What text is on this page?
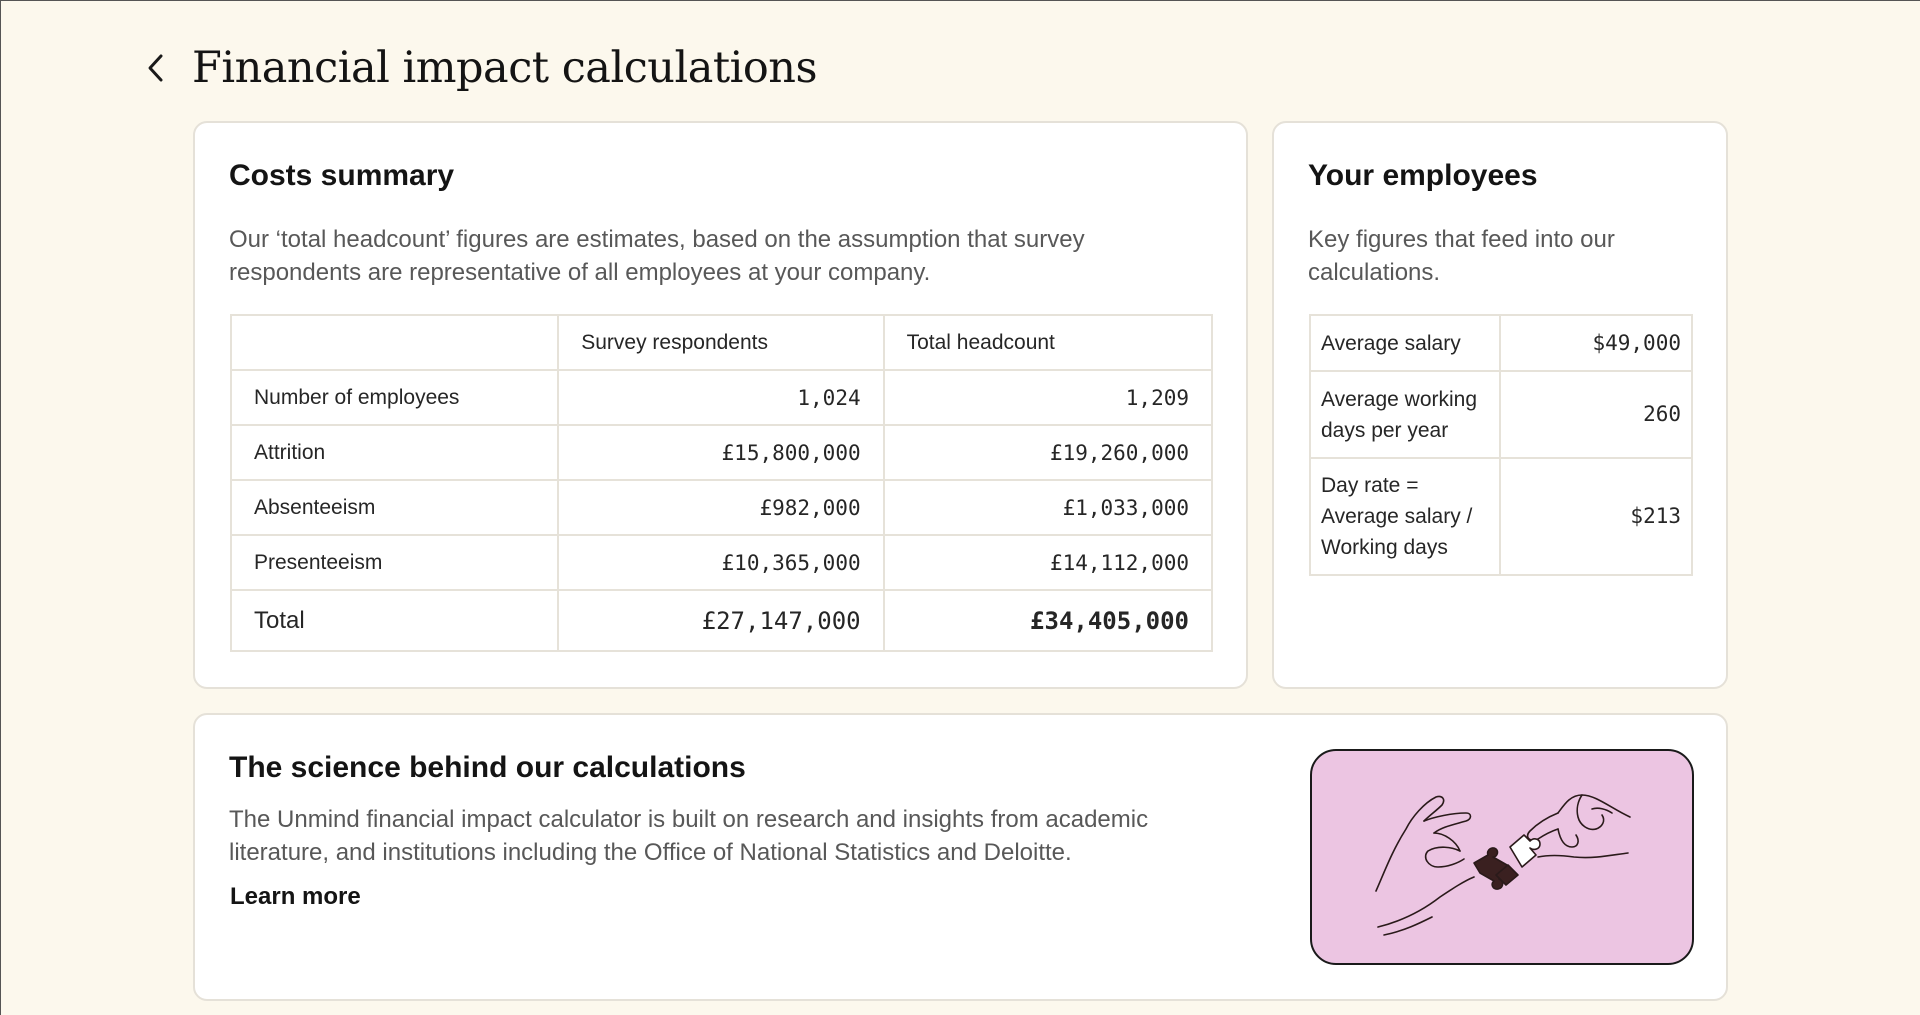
Financial impact calculations
Costs summary

Our ‘total headcount’ figures are estimates, based on the assumption that survey respondents are representative of all employees at your company.

	Survey respondents	Total headcount
Number of employees	1,024	1,209
Attrition	£15,800,000	£19,260,000
Absenteeism	£982,000	£1,033,000
Presenteeism	£10,365,000	£14,112,000
Total	£27,147,000	£34,405,000
Your employees

Key figures that feed into our calculations.

Average salary	$49,000
Average working days per year	260
Day rate = Average salary / Working days	$213
The science behind our calculations

The Unmind financial impact calculator is built on research and insights from academic literature, and institutions including the Office of National Statistics and Deloitte.

Learn more
